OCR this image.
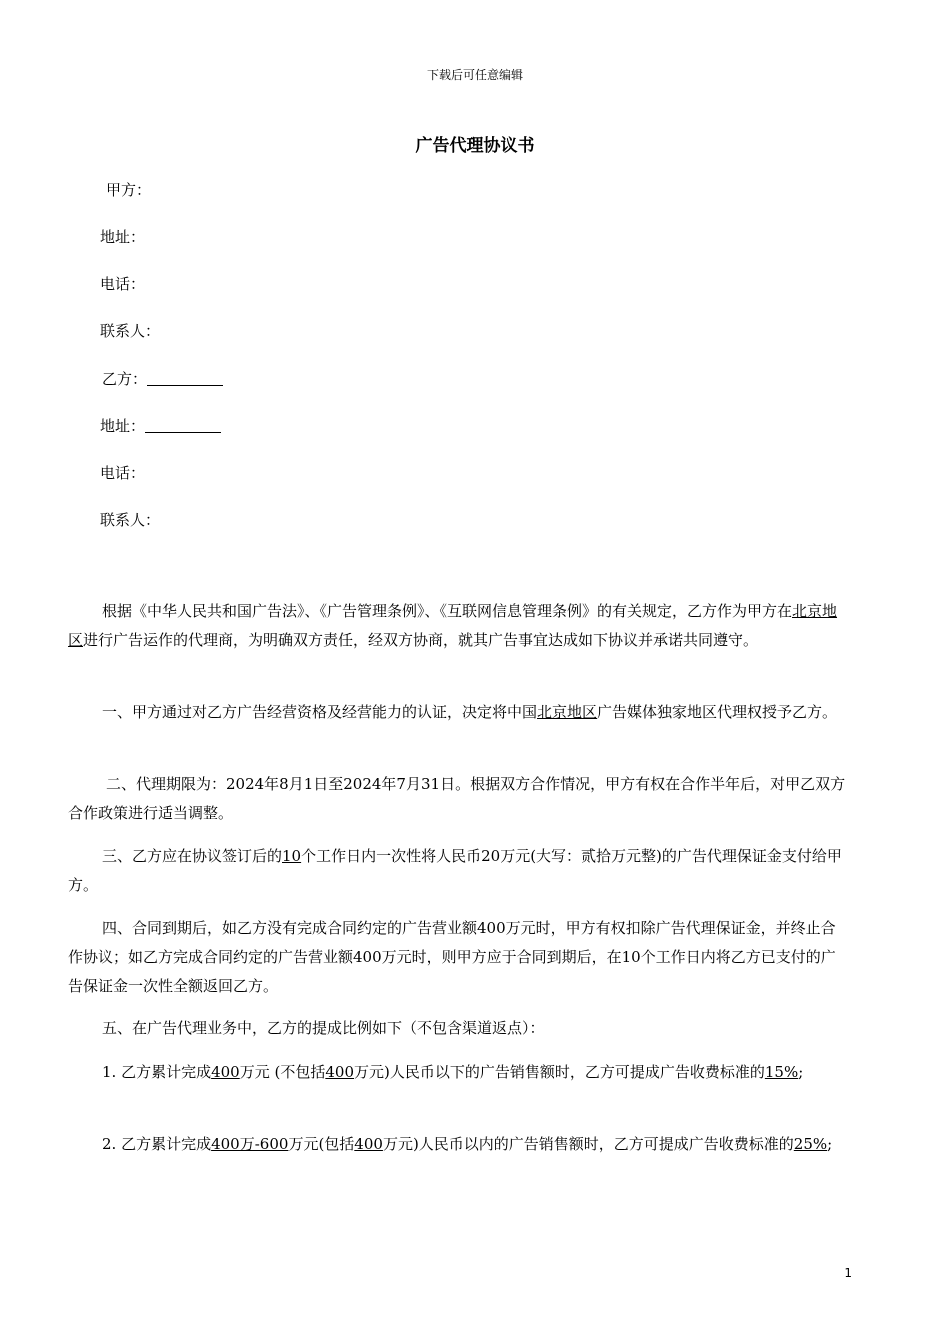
下载后可任意编辑
广告代理协议书
甲方：
地址：
电话：
联系人：
乙方：
地址：
电话：
联系人：
根据《中华人民共和国广告法》、《广告管理条例》、《互联网信息管理条例》的有关规定，乙方作为甲方在北京地区进行广告运作的代理商，为明确双方责任，经双方协商，就其广告事宜达成如下协议并承诺共同遵守。
一、甲方通过对乙方广告经营资格及经营能力的认证，决定将中国北京地区广告媒体独家地区代理权授予乙方。
二、代理期限为：2024年8月1日至2024年7月31日。根据双方合作情况，甲方有权在合作半年后，对甲乙双方合作政策进行适当调整。
三、乙方应在协议签订后的10个工作日内一次性将人民币20万元(大写：贰拾万元整)的广告代理保证金支付给甲方。
四、合同到期后，如乙方没有完成合同约定的广告营业额400万元时，甲方有权扣除广告代理保证金，并终止合作协议；如乙方完成合同约定的广告营业额400万元时，则甲方应于合同到期后，在10个工作日内将乙方已支付的广告保证金一次性全额返回乙方。
五、在广告代理业务中，乙方的提成比例如下（不包含渠道返点）：
1. 乙方累计完成400万元 (不包括400万元)人民币以下的广告销售额时，乙方可提成广告收费标准的15%;
2. 乙方累计完成400万-600万元(包括400万元)人民币以内的广告销售额时，乙方可提成广告收费标准的25%;
1
